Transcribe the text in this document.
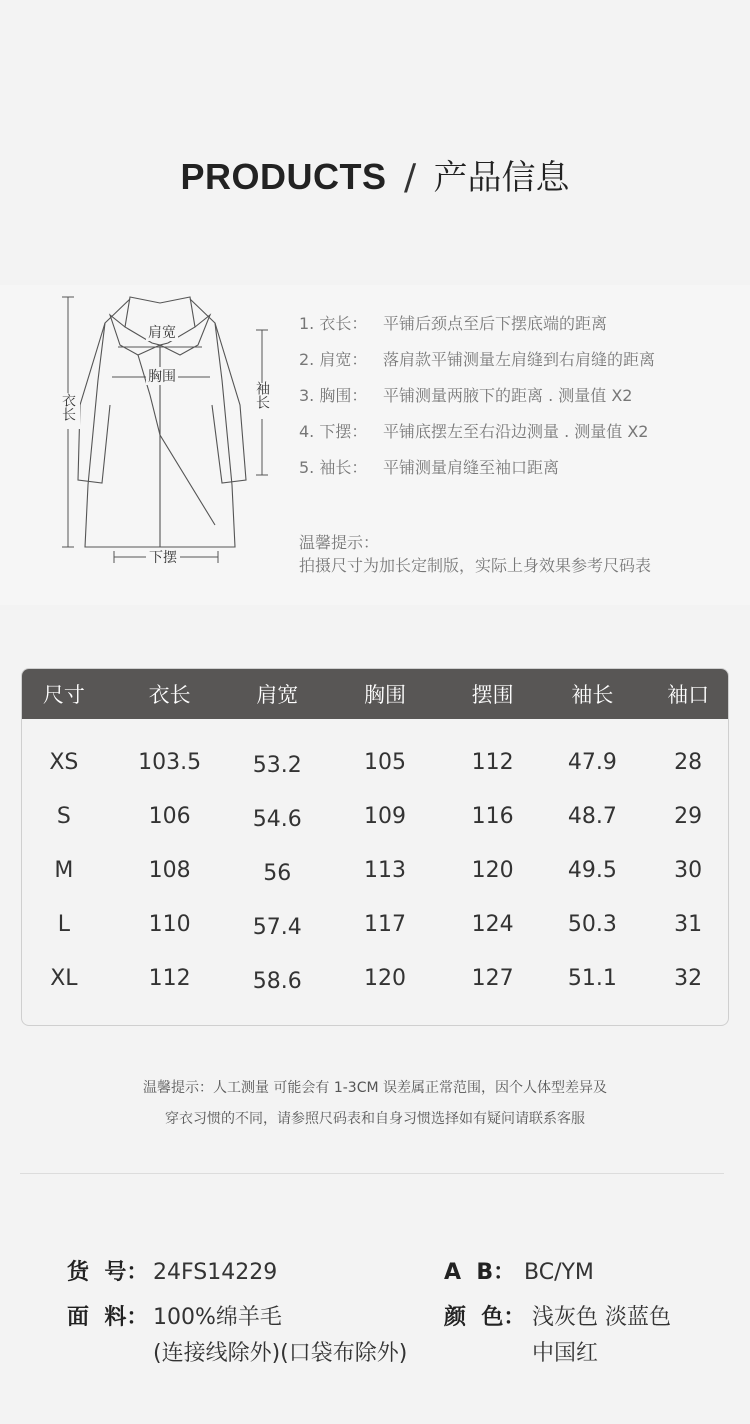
PRODUCTS / 产品信息
肩宽
胸围
衣长	袖长
下摆
1. 衣长： 平铺后颈点至后下摆底端的距离
2. 肩宽： 落肩款平铺测量左肩缝到右肩缝的距离
3. 胸围： 平铺测量两腋下的距离 . 测量值 X2
4. 下摆： 平铺底摆左至右沿边测量 . 测量值 X2
5. 袖长： 平铺测量肩缝至袖口距离
温馨提示：
拍摄尺寸为加长定制版，实际上身效果参考尺码表
尺寸	衣长	肩宽	胸围	摆围	袖长	袖口
XS	103.5	53.2	105	112	47.9	28
S	106	54.6	109	116	48.7	29
M	108	56	113	120	49.5	30
L	110	57.4	117	124	50.3	31
XL	112	58.6	120	127	51.1	32
温馨提示：人工测量 可能会有 1-3CM 误差属正常范围，因个人体型差异及
穿衣习惯的不同，请参照尺码表和自身习惯选择如有疑问请联系客服
货  号： 24FS14229	A  B： BC/YM
面  料： 100%绵羊毛
(连接线除外)(口袋布除外)
颜  色： 浅灰色 淡蓝色
中国红
